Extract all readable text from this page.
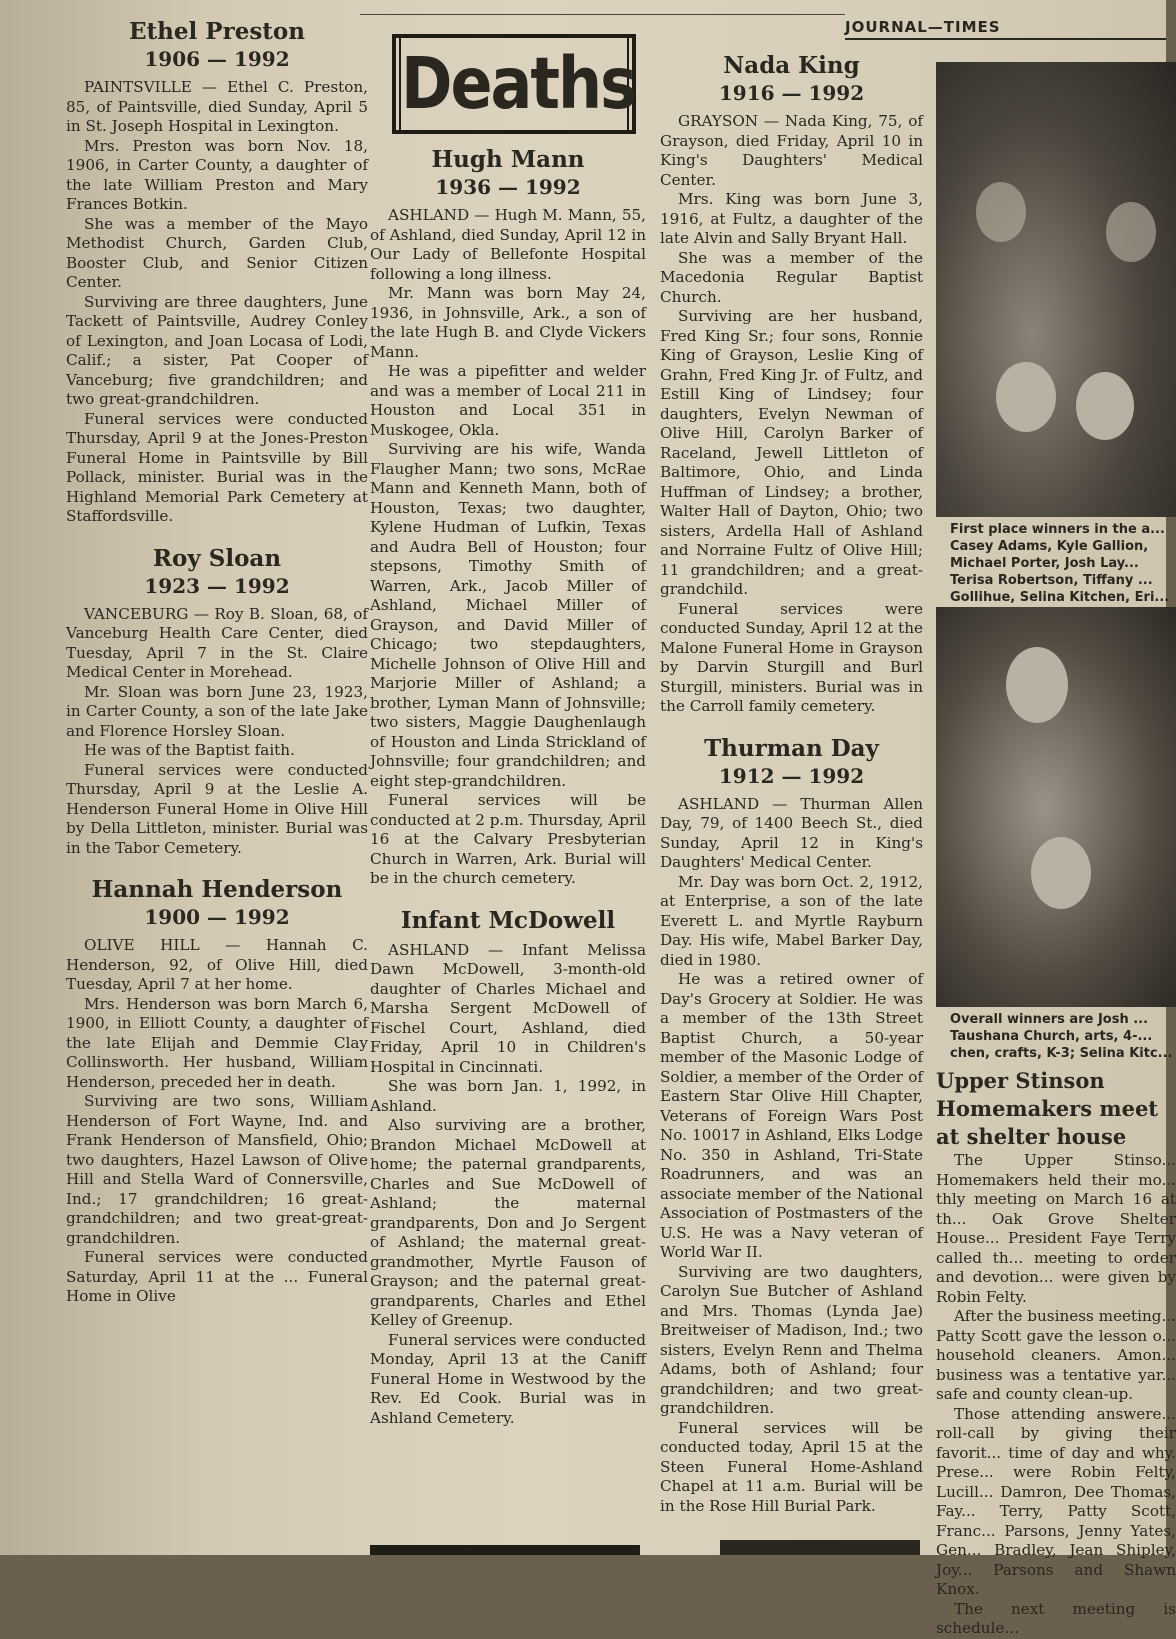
JOURNAL—TIMES
Ethel Preston
1906 — 1992

PAINTSVILLE — Ethel C. Preston, 85, of Paintsville, died Sunday, April 5 in St. Joseph Hospital in Lexington.

Mrs. Preston was born Nov. 18, 1906, in Carter County, a daughter of the late William Preston and Mary Frances Botkin.

She was a member of the Mayo Methodist Church, Garden Club, Booster Club, and Senior Citizen Center.

Surviving are three daughters, June Tackett of Paintsville, Audrey Conley of Lexington, and Joan Locasa of Lodi, Calif.; a sister, Pat Cooper of Vanceburg; five grandchildren; and two great-grandchildren.

Funeral services were conducted Thursday, April 9 at the Jones-Preston Funeral Home in Paintsville by Bill Pollack, minister. Burial was in the Highland Memorial Park Cemetery at Staffordsville.

Roy Sloan
1923 — 1992

VANCEBURG — Roy B. Sloan, 68, of Vanceburg Health Care Center, died Tuesday, April 7 in the St. Claire Medical Center in Morehead.

Mr. Sloan was born June 23, 1923, in Carter County, a son of the late Jake and Florence Horsley Sloan.

He was of the Baptist faith.

Funeral services were conducted Thursday, April 9 at the Leslie A. Henderson Funeral Home in Olive Hill by Della Littleton, minister. Burial was in the Tabor Cemetery.

Hannah Henderson
1900 — 1992

OLIVE HILL — Hannah C. Henderson, 92, of Olive Hill, died Tuesday, April 7 at her home.

Mrs. Henderson was born March 6, 1900, in Elliott County, a daughter of the late Elijah and Demmie Clay Collinsworth. Her husband, William Henderson, preceded her in death.

Surviving are two sons, William Henderson of Fort Wayne, Ind. and Frank Henderson of Mansfield, Ohio; two daughters, Hazel Lawson of Olive Hill and Stella Ward of Connersville, Ind.; 17 grandchildren; 16 great-grandchildren; and two great-great-grandchildren.

Funeral services were conducted Saturday, April 11 at the ... Funeral Home in Olive

Deaths
Hugh Mann
1936 — 1992

ASHLAND — Hugh M. Mann, 55, of Ashland, died Sunday, April 12 in Our Lady of Bellefonte Hospital following a long illness.

Mr. Mann was born May 24, 1936, in Johnsville, Ark., a son of the late Hugh B. and Clyde Vickers Mann.

He was a pipefitter and welder and was a member of Local 211 in Houston and Local 351 in Muskogee, Okla.

Surviving are his wife, Wanda Flaugher Mann; two sons, McRae Mann and Kenneth Mann, both of Houston, Texas; two daughter, Kylene Hudman of Lufkin, Texas and Audra Bell of Houston; four stepsons, Timothy Smith of Warren, Ark., Jacob Miller of Ashland, Michael Miller of Grayson, and David Miller of Chicago; two stepdaughters, Michelle Johnson of Olive Hill and Marjorie Miller of Ashland; a brother, Lyman Mann of Johnsville; two sisters, Maggie Daughenlaugh of Houston and Linda Strickland of Johnsville; four grandchildren; and eight step-grandchildren.

Funeral services will be conducted at 2 p.m. Thursday, April 16 at the Calvary Presbyterian Church in Warren, Ark. Burial will be in the church cemetery.

Infant McDowell

ASHLAND — Infant Melissa Dawn McDowell, 3-month-old daughter of Charles Michael and Marsha Sergent McDowell of Fischel Court, Ashland, died Friday, April 10 in Children's Hospital in Cincinnati.

She was born Jan. 1, 1992, in Ashland.

Also surviving are a brother, Brandon Michael McDowell at home; the paternal grandparents, Charles and Sue McDowell of Ashland; the maternal grandparents, Don and Jo Sergent of Ashland; the maternal great-grandmother, Myrtle Fauson of Grayson; and the paternal great-grandparents, Charles and Ethel Kelley of Greenup.

Funeral services were conducted Monday, April 13 at the Caniff Funeral Home in Westwood by the Rev. Ed Cook. Burial was in Ashland Cemetery.

Nada King
1916 — 1992

GRAYSON — Nada King, 75, of Grayson, died Friday, April 10 in King's Daughters' Medical Center.

Mrs. King was born June 3, 1916, at Fultz, a daughter of the late Alvin and Sally Bryant Hall.

She was a member of the Macedonia Regular Baptist Church.

Surviving are her husband, Fred King Sr.; four sons, Ronnie King of Grayson, Leslie King of Grahn, Fred King Jr. of Fultz, and Estill King of Lindsey; four daughters, Evelyn Newman of Olive Hill, Carolyn Barker of Raceland, Jewell Littleton of Baltimore, Ohio, and Linda Huffman of Lindsey; a brother, Walter Hall of Dayton, Ohio; two sisters, Ardella Hall of Ashland and Norraine Fultz of Olive Hill; 11 grandchildren; and a great-grandchild.

Funeral services were conducted Sunday, April 12 at the Malone Funeral Home in Grayson by Darvin Sturgill and Burl Sturgill, ministers. Burial was in the Carroll family cemetery.

Thurman Day
1912 — 1992

ASHLAND — Thurman Allen Day, 79, of 1400 Beech St., died Sunday, April 12 in King's Daughters' Medical Center.

Mr. Day was born Oct. 2, 1912, at Enterprise, a son of the late Everett L. and Myrtle Rayburn Day. His wife, Mabel Barker Day, died in 1980.

He was a retired owner of Day's Grocery at Soldier. He was a member of the 13th Street Baptist Church, a 50-year member of the Masonic Lodge of Soldier, a member of the Order of Eastern Star Olive Hill Chapter, Veterans of Foreign Wars Post No. 10017 in Ashland, Elks Lodge No. 350 in Ashland, Tri-State Roadrunners, and was an associate member of the National Association of Postmasters of the U.S. He was a Navy veteran of World War II.

Surviving are two daughters, Carolyn Sue Butcher of Ashland and Mrs. Thomas (Lynda Jae) Breitweiser of Madison, Ind.; two sisters, Evelyn Renn and Thelma Adams, both of Ashland; four grandchildren; and two great-grandchildren.

Funeral services will be conducted today, April 15 at the Steen Funeral Home-Ashland Chapel at 11 a.m. Burial will be in the Rose Hill Burial Park.

First place winners in the a... Casey Adams, Kyle Gallion, Michael Porter, Josh Lay... Terisa Robertson, Tiffany ... Gollihue, Selina Kitchen, Eri...
Overall winners are Josh ... Taushana Church, arts, 4-... chen, crafts, K-3; Selina Kitc...
Upper Stinson Homemakers meet at shelter house

The Upper Stinso... Homemakers held their mo... thly meeting on March 16 at th... Oak Grove Shelter House... President Faye Terry called th... meeting to order and devotion... were given by Robin Felty.

After the business meeting... Patty Scott gave the lesson o... household cleaners. Amon... business was a tentative yar... safe and county clean-up.

Those attending answere... roll-call by giving their favorit... time of day and why. Prese... were Robin Felty, Lucill... Damron, Dee Thomas, Fay... Terry, Patty Scott, Franc... Parsons, Jenny Yates, Gen... Bradley, Jean Shipley, Joy... Parsons and Shawn Knox.

The next meeting is schedule...
